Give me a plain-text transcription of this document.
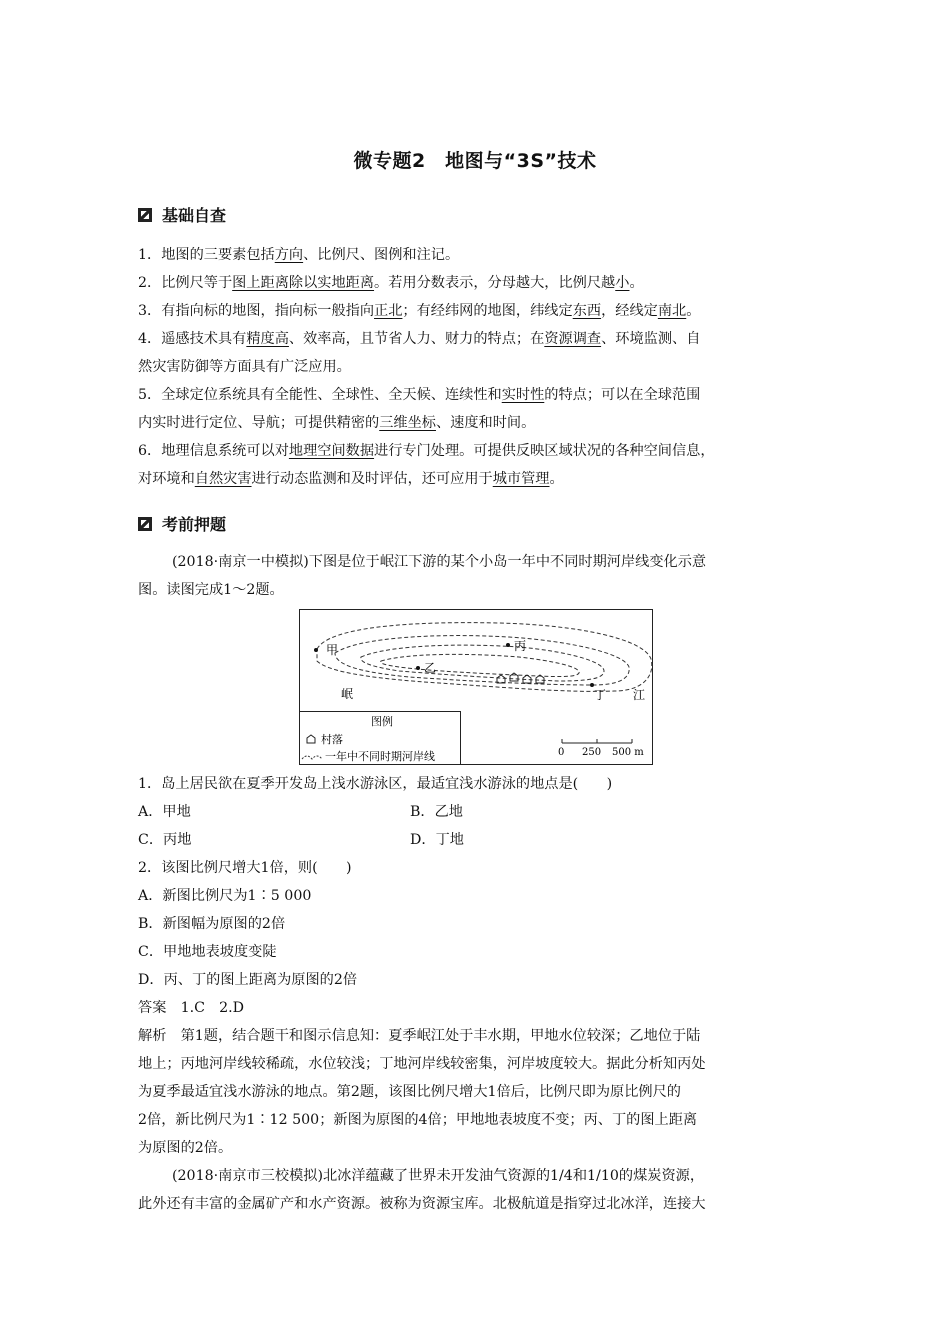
微专题2　地图与“3S”技术
基础自查
1．地图的三要素包括方向、比例尺、图例和注记。
2．比例尺等于图上距离除以实地距离。若用分数表示，分母越大，比例尺越小。
3．有指向标的地图，指向标一般指向正北；有经纬网的地图，纬线定东西，经线定南北。
4．遥感技术具有精度高、效率高，且节省人力、财力的特点；在资源调查、环境监测、自
然灾害防御等方面具有广泛应用。
5．全球定位系统具有全能性、全球性、全天候、连续性和实时性的特点；可以在全球范围
内实时进行定位、导航；可提供精密的三维坐标、速度和时间。
6．地理信息系统可以对地理空间数据进行专门处理。可提供反映区域状况的各种空间信息，
对环境和自然灾害进行动态监测和及时评估，还可应用于城市管理。
考前押题
(2018·南京一中模拟)下图是位于岷江下游的某个小岛一年中不同时期河岸线变化示意
图。读图完成1～2题。
甲
乙
丙
丁
岷	江
图例
村落
一年中不同时期河岸线	0 250 500 m
1．岛上居民欲在夏季开发岛上浅水游泳区，最适宜浅水游泳的地点是(　　)
A．甲地	B．乙地
C．丙地	D．丁地
2．该图比例尺增大1倍，则(　　)
A．新图比例尺为1∶5 000
B．新图幅为原图的2倍
C．甲地地表坡度变陡
D．丙、丁的图上距离为原图的2倍
答案　1.C　2.D
解析　第1题，结合题干和图示信息知：夏季岷江处于丰水期，甲地水位较深；乙地位于陆
地上；丙地河岸线较稀疏，水位较浅；丁地河岸线较密集，河岸坡度较大。据此分析知丙处
为夏季最适宜浅水游泳的地点。第2题，该图比例尺增大1倍后，比例尺即为原比例尺的
2倍，新比例尺为1∶12 500；新图为原图的4倍；甲地地表坡度不变；丙、丁的图上距离
为原图的2倍。
(2018·南京市三校模拟)北冰洋蕴藏了世界未开发油气资源的1/4和1/10的煤炭资源，
此外还有丰富的金属矿产和水产资源。被称为资源宝库。北极航道是指穿过北冰洋，连接大
